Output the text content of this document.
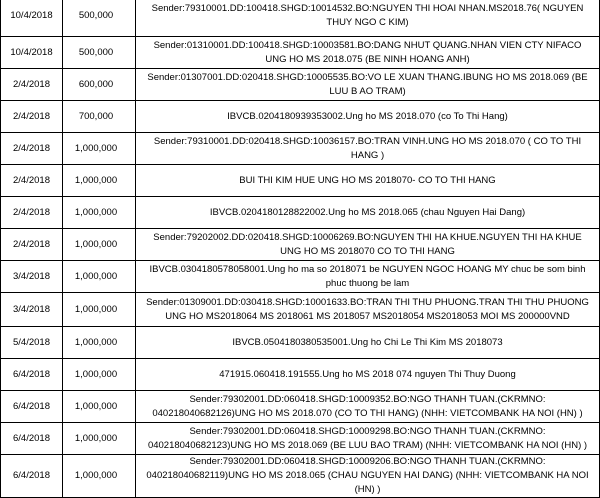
10/4/2018	500,000	Sender:79310001.DD:100418.SHGD:10014532.BO:NGUYEN THI HOAI NHAN.MS2018.76( NGUYEN THUY NGO C KIM)
10/4/2018	500,000	Sender:01310001.DD:100418.SHGD:10003581.BO:DANG NHUT QUANG.NHAN VIEN CTY NIFACO UNG HO MS 2018.075 (BE NINH HOANG ANH)
2/4/2018	600,000	Sender:01307001.DD:020418.SHGD:10005535.BO:VO LE XUAN THANG.IBUNG HO MS 2018.069 (BE LUU B AO TRAM)
2/4/2018	700,000	IBVCB.0204180939353002.Ung ho MS 2018.070 (co To Thi Hang)
2/4/2018	1,000,000	Sender:79310001.DD:020418.SHGD:10036157.BO:TRAN VINH.UNG HO MS 2018.070 ( CO TO THI HANG )
2/4/2018	1,000,000	BUI THI KIM HUE UNG HO MS 2018070- CO TO THI HANG
2/4/2018	1,000,000	IBVCB.0204180128822002.Ung ho MS 2018.065 (chau Nguyen Hai Dang)
2/4/2018	1,000,000	Sender:79202002.DD:020418.SHGD:10006269.BO:NGUYEN THI HA KHUE.NGUYEN THI HA KHUE UNG HO MS 2018070 CO TO THI HANG
3/4/2018	1,000,000	IBVCB.0304180578058001.Ung ho ma so 2018071 be NGUYEN NGOC HOANG MY chuc be som binh phuc thuong be lam
3/4/2018	1,000,000	Sender:01309001.DD:030418.SHGD:10001633.BO:TRAN THI THU PHUONG.TRAN THI THU PHUONG UNG HO MS2018064 MS 2018061 MS 2018057 MS2018054 MS2018053 MOI MS 200000VND
5/4/2018	1,000,000	IBVCB.0504180380535001.Ung ho Chi Le Thi Kim MS 2018073
6/4/2018	1,000,000	471915.060418.191555.Ung ho MS 2018 074 nguyen Thi Thuy Duong
6/4/2018	1,000,000	Sender:79302001.DD:060418.SHGD:10009352.BO:NGO THANH TUAN.(CKRMNO: 040218040682126)UNG HO MS 2018.070 (CO TO THI HANG) (NHH: VIETCOMBANK HA NOI (HN) )
6/4/2018	1,000,000	Sender:79302001.DD:060418.SHGD:10009298.BO:NGO THANH TUAN.(CKRMNO: 040218040682123)UNG HO MS 2018.069 (BE LUU BAO TRAM) (NHH: VIETCOMBANK HA NOI (HN) )
6/4/2018	1,000,000	Sender:79302001.DD:060418.SHGD:10009206.BO:NGO THANH TUAN.(CKRMNO: 040218040682119)UNG HO MS 2018.065 (CHAU NGUYEN HAI DANG) (NHH: VIETCOMBANK HA NOI (HN) )
